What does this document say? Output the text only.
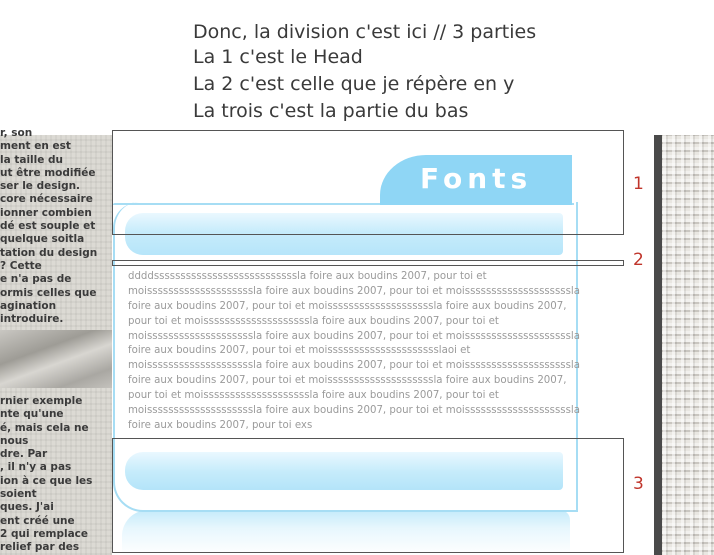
Donc, la division c'est ici // 3 parties
La 1 c'est le Head
La 2 c'est celle que je répère en y
La trois c'est la partie du bas
r, son
ment en est
la taille du
ut être modifiée
ser le design.
core nécessaire
ionner combien
dé est souple et
quelque soitla
tation du design
? Cette
e n'a pas de
ormis celles que
agination
introduire.
rnier exemple
nte qu'une
é, mais cela ne
nous
dre. Par
, il n'y a pas
ion à ce que les
soient
ques. J'ai
ent créé une
2 qui remplace
relief par des
Fonts
ddddsssssssssssssssssssssssssssla foire aux boudins 2007, pour toi et
moissssssssssssssssssssla foire aux boudins 2007, pour toi et moissssssssssssssssssssla
foire aux boudins 2007, pour toi et moissssssssssssssssssssla foire aux boudins 2007,
pour toi et moissssssssssssssssssssla foire aux boudins 2007, pour toi et
moissssssssssssssssssssla foire aux boudins 2007, pour toi et moissssssssssssssssssssla
foire aux boudins 2007, pour toi et moissssssssssssssssssssslaoi et
moissssssssssssssssssssla foire aux boudins 2007, pour toi et moissssssssssssssssssssla
foire aux boudins 2007, pour toi et moissssssssssssssssssssla foire aux boudins 2007,
pour toi et moissssssssssssssssssssla foire aux boudins 2007, pour toi et
moissssssssssssssssssssla foire aux boudins 2007, pour toi et moissssssssssssssssssssla
foire aux boudins 2007, pour toi exs
1
2
3
